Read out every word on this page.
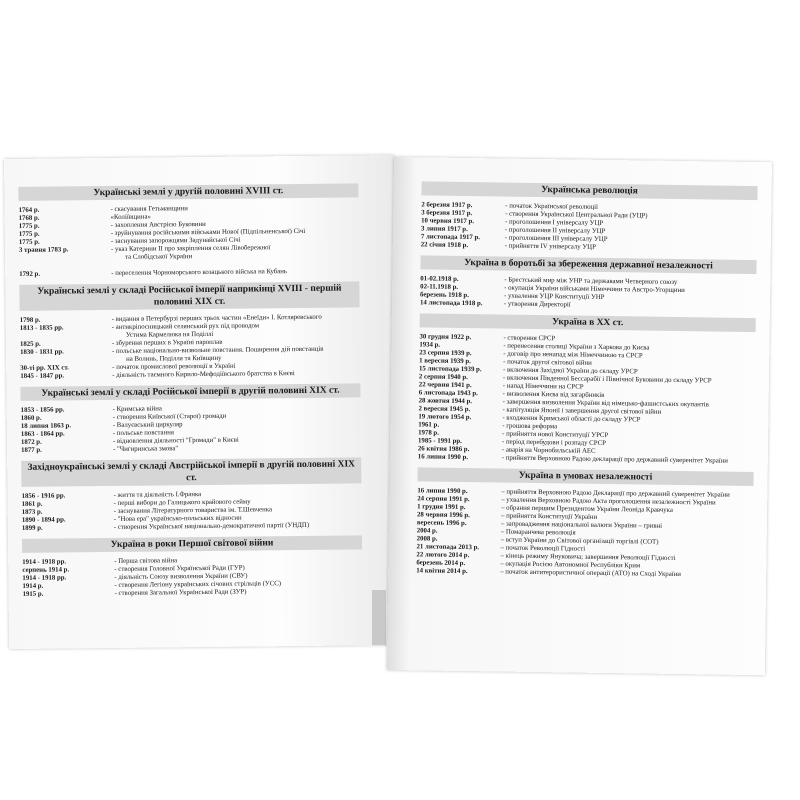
Українські землі у другій половині XVIII ст.
1764 р.	- скасування Гетьманщини
1768 р.	«Коліївщина»
1775 р.	- захоплення Австрією Буковини
1775 р.	- зруйнування російськими військами Нової (Підпільненської) Січі
1775 р.	- заснування запорожцями Задунайської Січі
3 травня 1783 р.	- указ Катерини II про закріплення селян Лівобережної
та Слобідської України
1792 р.	- переселення Чорноморського козацького війська на Кубань
Українські землі у складі Російської імперії наприкінці XVIII - першій половині XIX ст.
1798 р.	- видання в Петербурзі перших трьох частин «Енеїди» І. Котляревського
1813 - 1835 рр.	- антикріпосницький селянський рух під проводом
Устима Кармелюка на Поділлі
1825 р.	- збурення перших в Україні пароплав
1830 - 1831 рр.	- польське національно-визвольне повстання. Поширення дій повстанців
на Волинь, Поділля та Київщину
30-ті рр. XIX ст.	- початок промислової революції в Україні
1845 - 1847 рр.	- діяльність таємного Кирило-Мефодіївського братства в Києві
Українські землі у складі Російської імперії в другій половині XIX ст.
1853 - 1856 рр.	- Кримська війна
1860 р.	- створення Київської (Старої) громади
18 липня 1863 р.	- Валуєвський циркуляр
1863 - 1864 рр.	- польське повстання
1872 р.	- відновлення діяльності "Громади" в Києві
1877 р.	- "Чигиринська змова"
Західноукраїнські землі у складі Австрійської імперії в другій половині XIX ст.
1856 - 1916 рр.	- життя та діяльність І.Франка
1861 р.	- перші вибори до Галицького крайового сейму
1873 р.	- заснування Літературного товариства ім. Т.Шевченка
1890 - 1894 рр.	- "Нова ера" українсько-польських відносин
1899 р.	- створення Української національно-демократичної партії (УНДП)
Україна в роки Першої світової війни
1914 - 1918 рр.	- Перша світова війна
серпень 1914 р.	- створення Головної Української Ради (ГУР)
1914 - 1918 рр.	- діяльність Союзу визволення України (СВУ)
1914 р.	- створення Легіону українських січових стрільців (УСС)
1915 р.	- створення Загальної Української Ради (ЗУР)
Українська революція
2 березня 1917 р.	- початок Української революції
3 березня 1917 р.	- створення Української Центральної Ради (УЦР)
10 червня 1917 р.	- проголошення I універсалу УЦР
3 липня 1917 р.	- проголошення II універсалу УЦР
7 листопада 1917 р.	- проголошення III універсалу УЦР
22 січня 1918 р.	- прийняття IV універсалу УЦР
Україна в боротьбі за збереження державної незалежності
01-02.1918 р.	- Брестський мир між УНР та державами Четверного союзу
02-11.1918 р.	- окупація України військами Німеччини та Австро-Угорщини
березень 1918 р.	- ухвалення УЦР Конституції УНР
14 листопада 1918 р.	- утворення Директорії
Україна в XX ст.
30 грудня 1922 р.	- створення СРСР
1934 р.	- перенесення столиці України з Харкова до Києва
23 серпня 1939 р.	- договір про ненапад між Німеччиною та СРСР
1 вересня 1939 р.	- початок другої світової війни
15 листопада 1939 р.	- включення Західної України до складу УРСР
2 серпня 1940 р.	- включення Південної Бессарабії і Північної Буковини до складу УРСР
22 червня 1941 р.	- напад Німеччини на СРСР
6 листопада 1943 р.	- визволення Києва від загарбників
28 жовтня 1944 р.	- завершення визволення України від німецько-фашистських окупантів
2 вересня 1945 р.	- капітуляція Японії і завершення другої світової війни
19 лютого 1954 р.	- входження Кримської області до складу УРСР
1961 р.	- грошова реформа
1978 р.	- прийняття нової Конституції УРСР
1985 - 1991 рр.	- період перебудови і розпаду СРСР
26 квітня 1986 р.	- аварія на Чорнобильській АЕС
16 липня 1990 р.	- прийняття Верховною Радою декларації про державний суверенітет України
Україна в умовах незалежності
16 липня 1990 р.	– прийняття Верховною Радою Декларації про державний суверенітет України
24 серпня 1991 р.	– ухвалення Верховною Радою Акта проголошення незалежності України
1 грудня 1991 р.	– обрання першим Президентом України Леоніда Кравчука
28 червня 1996 р.	– прийняття Конституції України
вересень 1996 р.	– запровадження національної валюти України – гривні
2004 р.	– Помаранчева революція
2008 р.	– вступ України до Світової організації торгівлі (СОТ)
21 листопада 2013 р.	– початок Революції Гідності
22 лютого 2014 р.	– кінець режиму Януковича; завершення Революції Гідності
березень 2014 р.	– окупація Росією Автономної Республіки Крим
14 квітня 2014 р.	– початок антитерористичної операції (АТО) на Сході України
